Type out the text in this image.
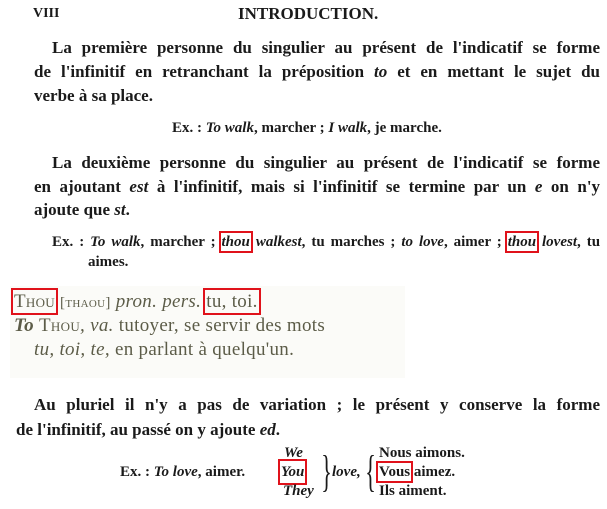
VIII	INTRODUCTION.
La première personne du singulier au présent de l'indicatif se forme
de l'infinitif en retranchant la préposition to et en mettant le sujet du
verbe à sa place.
Ex. : To walk, marcher ; I walk, je marche.
La deuxième personne du singulier au présent de l'indicatif se forme
en ajoutant est à l'infinitif, mais si l'infinitif se termine par un e on n'y
ajoute que st.
Ex. : To walk, marcher ; thou walkest, tu marches ; to love, aimer ; thou lovest, tu
aimes.
Thou [thaou] pron. pers. tu, toi.
To Thou, va. tutoyer, se servir des mots
tu, toi, te, en parlant à quelqu'un.
Au pluriel il n'y a pas de variation ; le présent y conserve la forme
de l'infinitif, au passé on y ajoute ed.
Ex. : To love, aimer.
We
You
They } love, { Nous aimons.
Vous aimez.
Ils aiment.
